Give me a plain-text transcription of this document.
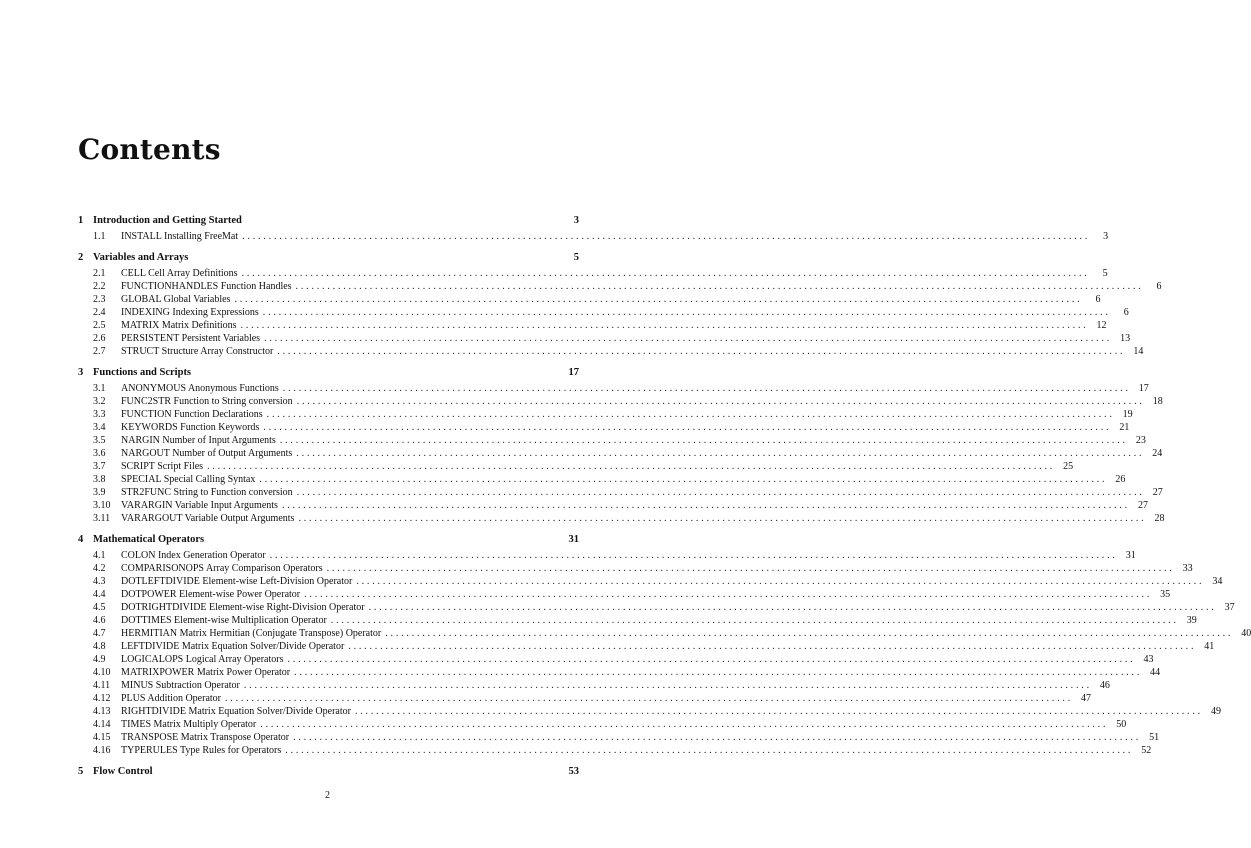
Contents
1 Introduction and Getting Started	3
1.1	INSTALL Installing FreeMat ................................................................................................................................................................	3
2 Variables and Arrays	5
2.1	CELL Cell Array Definitions ................................................................................................................................................................	5
2.2	FUNCTIONHANDLES Function Handles ................................................................................................................................................................	6
2.3	GLOBAL Global Variables ................................................................................................................................................................	6
2.4	INDEXING Indexing Expressions ................................................................................................................................................................	6
2.5	MATRIX Matrix Definitions ................................................................................................................................................................ 12
2.6	PERSISTENT Persistent Variables ................................................................................................................................................................ 13
2.7	STRUCT Structure Array Constructor ................................................................................................................................................................ 14
3 Functions and Scripts	17
3.1	ANONYMOUS Anonymous Functions ................................................................................................................................................................ 17
3.2	FUNC2STR Function to String conversion ................................................................................................................................................................ 18
3.3	FUNCTION Function Declarations ................................................................................................................................................................ 19
3.4	KEYWORDS Function Keywords ................................................................................................................................................................ 21
3.5	NARGIN Number of Input Arguments ................................................................................................................................................................ 23
3.6	NARGOUT Number of Output Arguments ................................................................................................................................................................ 24
3.7	SCRIPT Script Files ................................................................................................................................................................ 25
3.8	SPECIAL Special Calling Syntax ................................................................................................................................................................ 26
3.9	STR2FUNC String to Function conversion ................................................................................................................................................................ 27
3.10	VARARGIN Variable Input Arguments ................................................................................................................................................................ 27
3.11	VARARGOUT Variable Output Arguments ................................................................................................................................................................ 28
4 Mathematical Operators	31
4.1	COLON Index Generation Operator ................................................................................................................................................................ 31
4.2	COMPARISONOPS Array Comparison Operators ................................................................................................................................................................ 33
4.3	DOTLEFTDIVIDE Element-wise Left-Division Operator ................................................................................................................................................................ 34
4.4	DOTPOWER Element-wise Power Operator ................................................................................................................................................................ 35
4.5	DOTRIGHTDIVIDE Element-wise Right-Division Operator ................................................................................................................................................................ 37
4.6	DOTTIMES Element-wise Multiplication Operator ................................................................................................................................................................ 39
4.7	HERMITIAN Matrix Hermitian (Conjugate Transpose) Operator ................................................................................................................................................................ 40
4.8	LEFTDIVIDE Matrix Equation Solver/Divide Operator ................................................................................................................................................................ 41
4.9	LOGICALOPS Logical Array Operators ................................................................................................................................................................ 43
4.10	MATRIXPOWER Matrix Power Operator ................................................................................................................................................................ 44
4.11	MINUS Subtraction Operator ................................................................................................................................................................ 46
4.12	PLUS Addition Operator ................................................................................................................................................................ 47
4.13	RIGHTDIVIDE Matrix Equation Solver/Divide Operator ................................................................................................................................................................ 49
4.14	TIMES Matrix Multiply Operator ................................................................................................................................................................ 50
4.15	TRANSPOSE Matrix Transpose Operator ................................................................................................................................................................ 51
4.16	TYPERULES Type Rules for Operators ................................................................................................................................................................ 52
5 Flow Control	53
2
